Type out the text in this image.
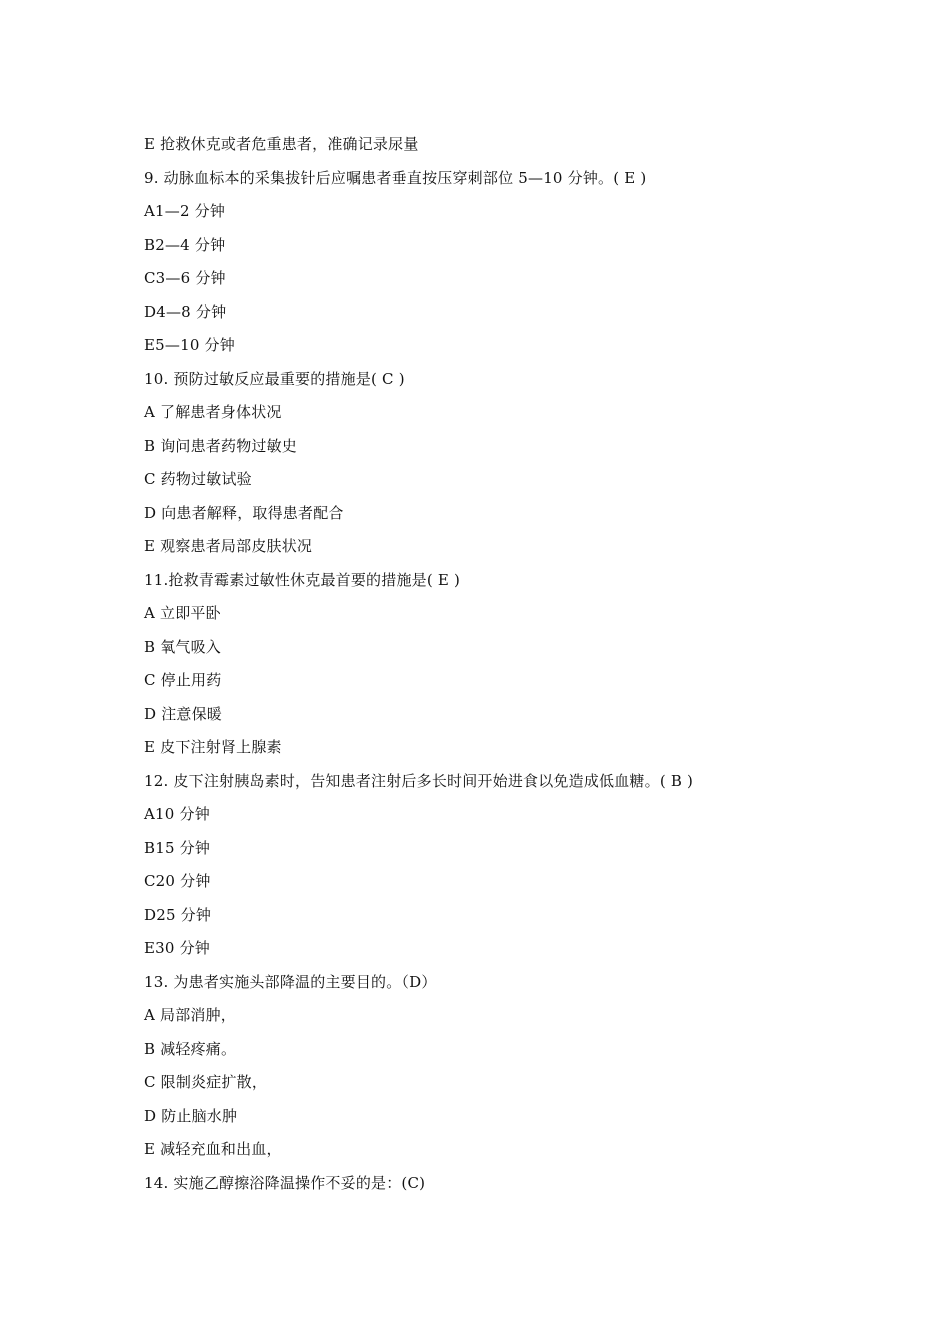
E 抢救休克或者危重患者，准确记录尿量
9. 动脉血标本的采集拔针后应嘱患者垂直按压穿刺部位 5—10 分钟。( E )
A1—2 分钟
B2—4 分钟
C3—6 分钟
D4—8 分钟
E5—10 分钟
10. 预防过敏反应最重要的措施是( C )
A 了解患者身体状况
B 询问患者药物过敏史
C 药物过敏试验
D 向患者解释，取得患者配合
E 观察患者局部皮肤状况
11.抢救青霉素过敏性休克最首要的措施是( E )
A 立即平卧
B 氧气吸入
C 停止用药
D 注意保暖
E 皮下注射肾上腺素
12. 皮下注射胰岛素时，告知患者注射后多长时间开始进食以免造成低血糖。( B )
A10 分钟
B15 分钟
C20 分钟
D25 分钟
E30 分钟
13. 为患者实施头部降温的主要目的。（D）
A 局部消肿，
B 减轻疼痛。
C 限制炎症扩散，
D 防止脑水肿
E 减轻充血和出血，
14. 实施乙醇擦浴降温操作不妥的是：(C)
